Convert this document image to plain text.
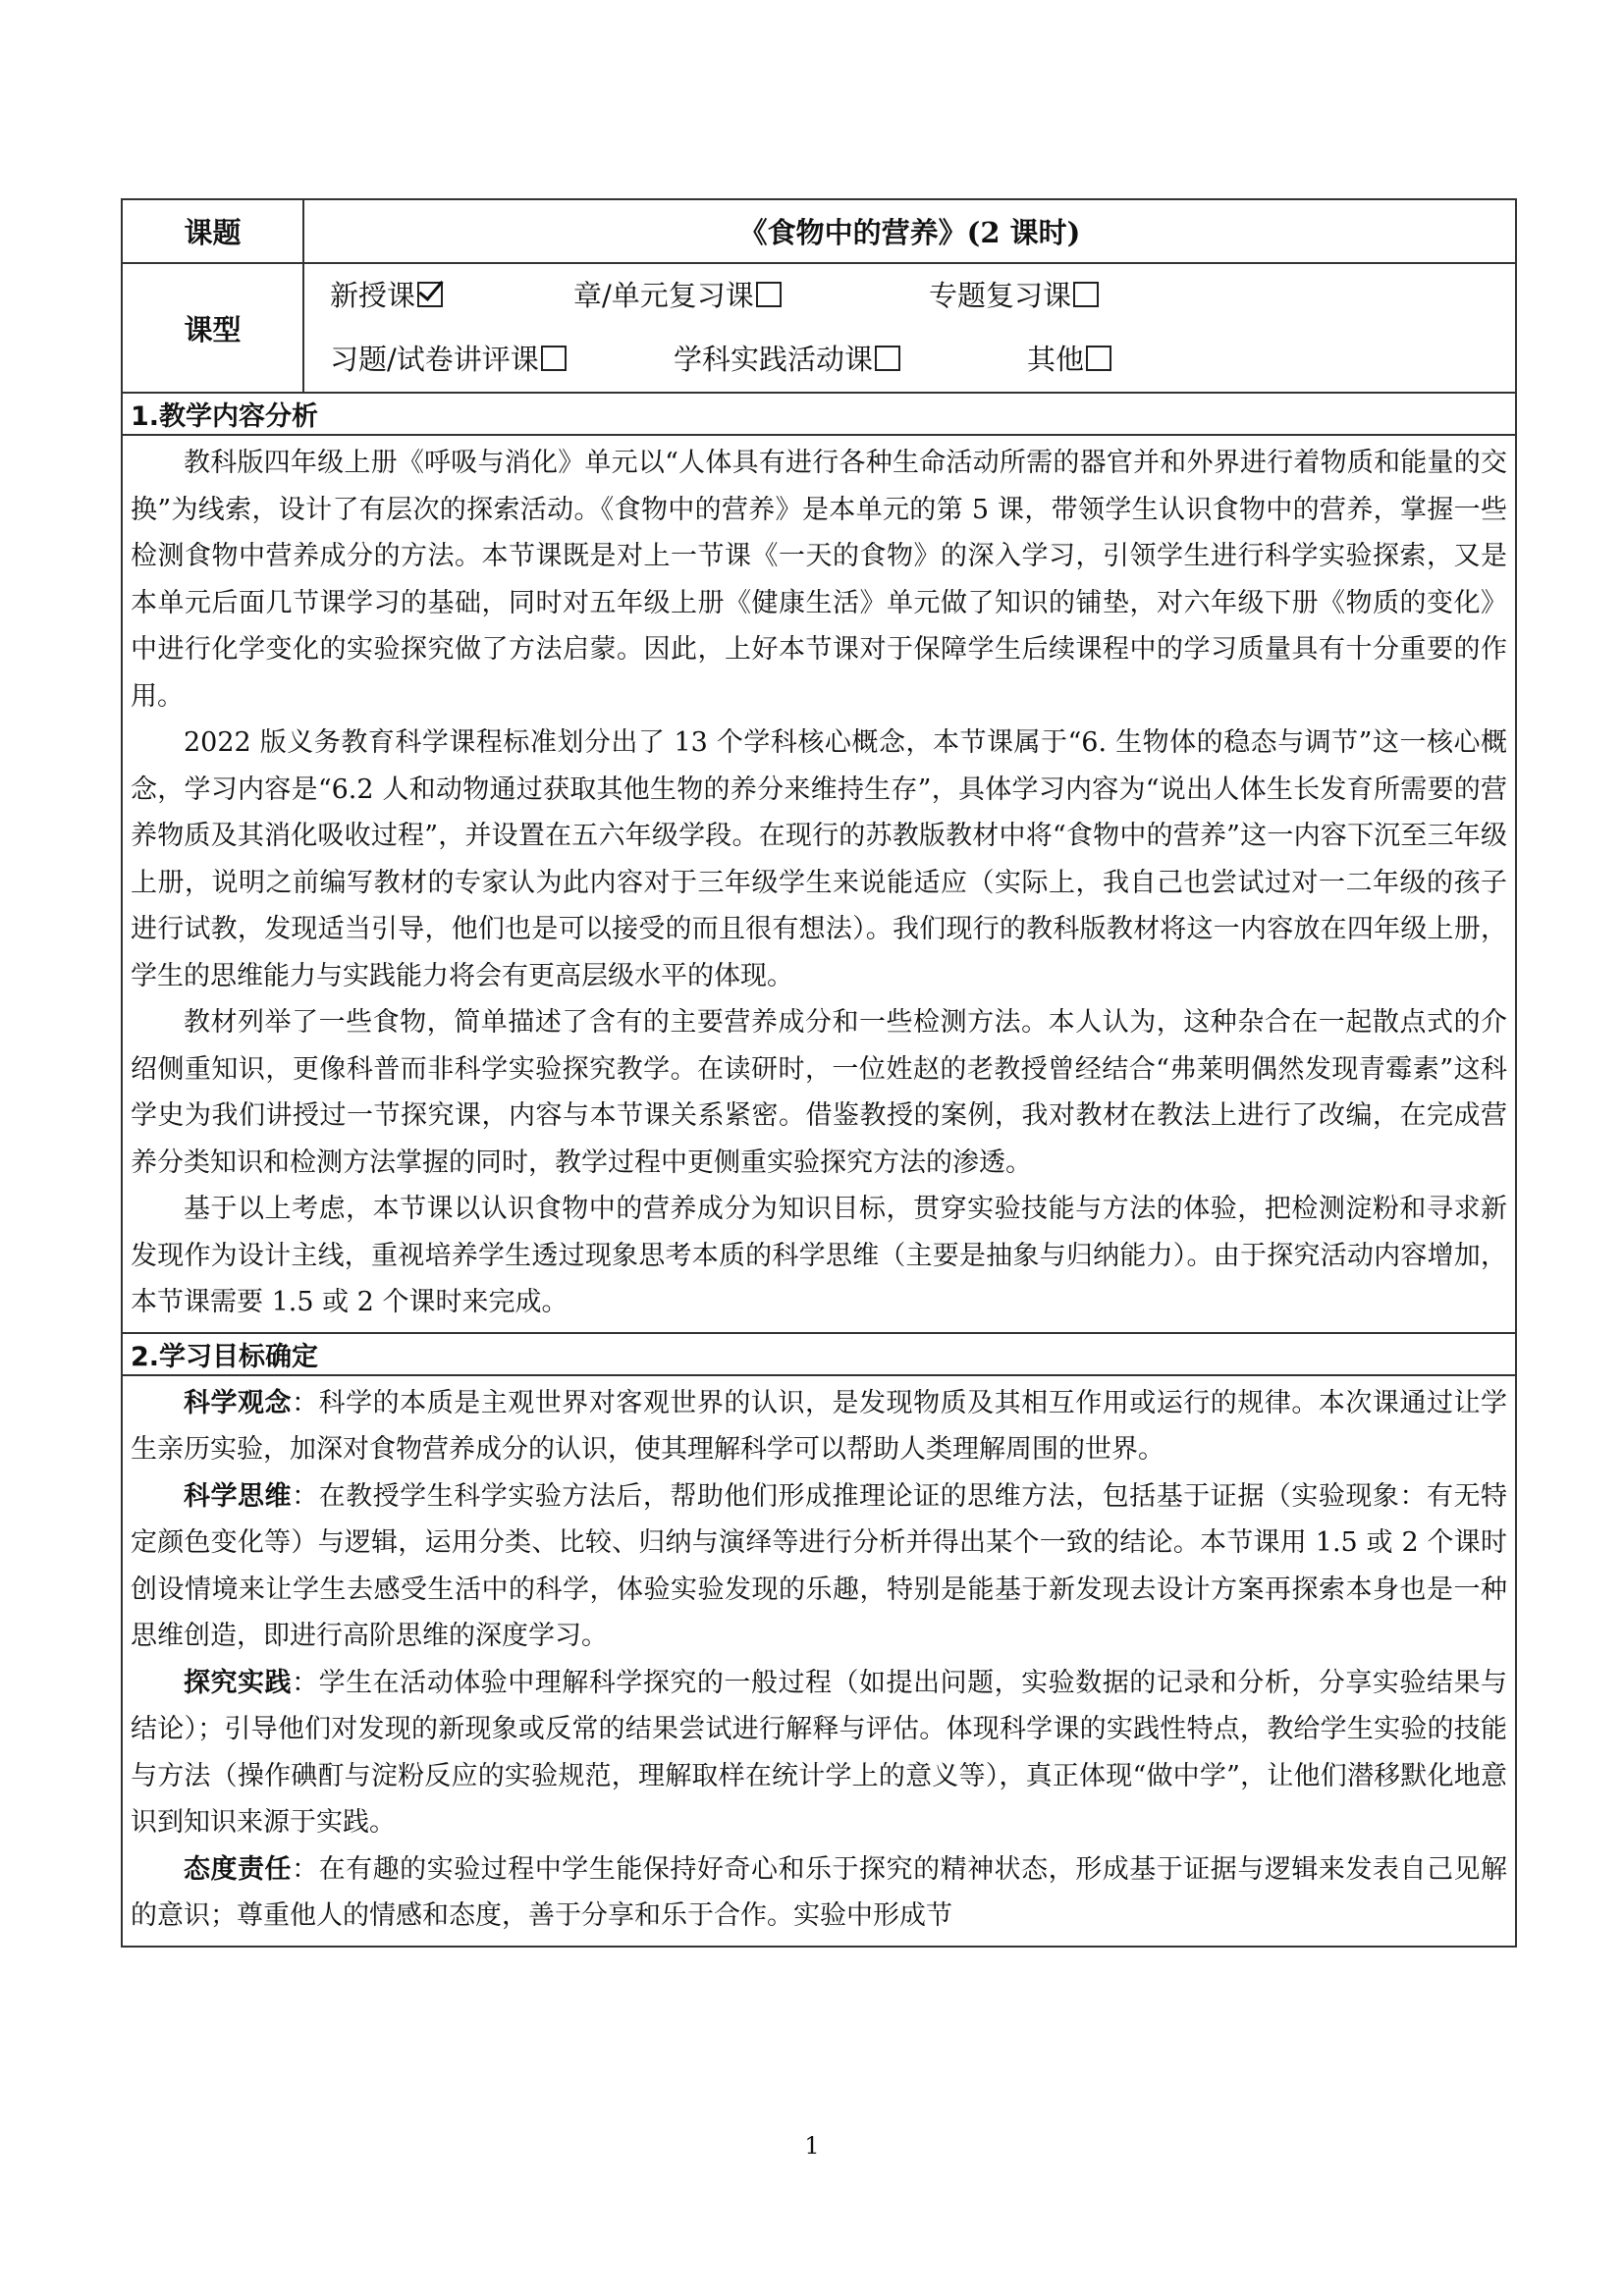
课题	《食物中的营养》(2 课时)
课型	新授课 章/单元复习课 专题复习课
习题/试卷讲评课 学科实践活动课 其他

1.教学内容分析	

教科版四年级上册《呼吸与消化》单元以“人体具有进行各种生命活动所需的器官并和外界进行着物质和能量的交换”为线索，设计了有层次的探索活动。《食物中的营养》是本单元的第 5 课，带领学生认识食物中的营养，掌握一些检测食物中营养成分的方法。本节课既是对上一节课《一天的食物》的深入学习，引领学生进行科学实验探索，又是本单元后面几节课学习的基础，同时对五年级上册《健康生活》单元做了知识的铺垫，对六年级下册《物质的变化》中进行化学变化的实验探究做了方法启蒙。因此，上好本节课对于保障学生后续课程中的学习质量具有十分重要的作用。

2022 版义务教育科学课程标准划分出了 13 个学科核心概念，本节课属于“6. 生物体的稳态与调节”这一核心概念，学习内容是“6.2 人和动物通过获取其他生物的养分来维持生存”，具体学习内容为“说出人体生长发育所需要的营养物质及其消化吸收过程”，并设置在五六年级学段。在现行的苏教版教材中将“食物中的营养”这一内容下沉至三年级上册，说明之前编写教材的专家认为此内容对于三年级学生来说能适应（实际上，我自己也尝试过对一二年级的孩子进行试教，发现适当引导，他们也是可以接受的而且很有想法）。我们现行的教科版教材将这一内容放在四年级上册，学生的思维能力与实践能力将会有更高层级水平的体现。

教材列举了一些食物，简单描述了含有的主要营养成分和一些检测方法。本人认为，这种杂合在一起散点式的介绍侧重知识，更像科普而非科学实验探究教学。在读研时，一位姓赵的老教授曾经结合“弗莱明偶然发现青霉素”这科学史为我们讲授过一节探究课，内容与本节课关系紧密。借鉴教授的案例，我对教材在教法上进行了改编，在完成营养分类知识和检测方法掌握的同时，教学过程中更侧重实验探究方法的渗透。

基于以上考虑，本节课以认识食物中的营养成分为知识目标，贯穿实验技能与方法的体验，把检测淀粉和寻求新发现作为设计主线，重视培养学生透过现象思考本质的科学思维（主要是抽象与归纳能力）。由于探究活动内容增加，本节课需要 1.5 或 2 个课时来完成。	

2.学习目标确定	

科学观念：科学的本质是主观世界对客观世界的认识，是发现物质及其相互作用或运行的规律。本次课通过让学生亲历实验，加深对食物营养成分的认识，使其理解科学可以帮助人类理解周围的世界。

科学思维：在教授学生科学实验方法后，帮助他们形成推理论证的思维方法，包括基于证据（实验现象：有无特定颜色变化等）与逻辑，运用分类、比较、归纳与演绎等进行分析并得出某个一致的结论。本节课用 1.5 或 2 个课时创设情境来让学生去感受生活中的科学，体验实验发现的乐趣，特别是能基于新发现去设计方案再探索本身也是一种思维创造，即进行高阶思维的深度学习。

探究实践：学生在活动体验中理解科学探究的一般过程（如提出问题，实验数据的记录和分析，分享实验结果与结论）；引导他们对发现的新现象或反常的结果尝试进行解释与评估。体现科学课的实践性特点，教给学生实验的技能与方法（操作碘酊与淀粉反应的实验规范，理解取样在统计学上的意义等），真正体现“做中学”，让他们潜移默化地意识到知识来源于实践。

态度责任：在有趣的实验过程中学生能保持好奇心和乐于探究的精神状态，形成基于证据与逻辑来发表自己见解的意识；尊重他人的情感和态度，善于分享和乐于合作。实验中形成节	

1
